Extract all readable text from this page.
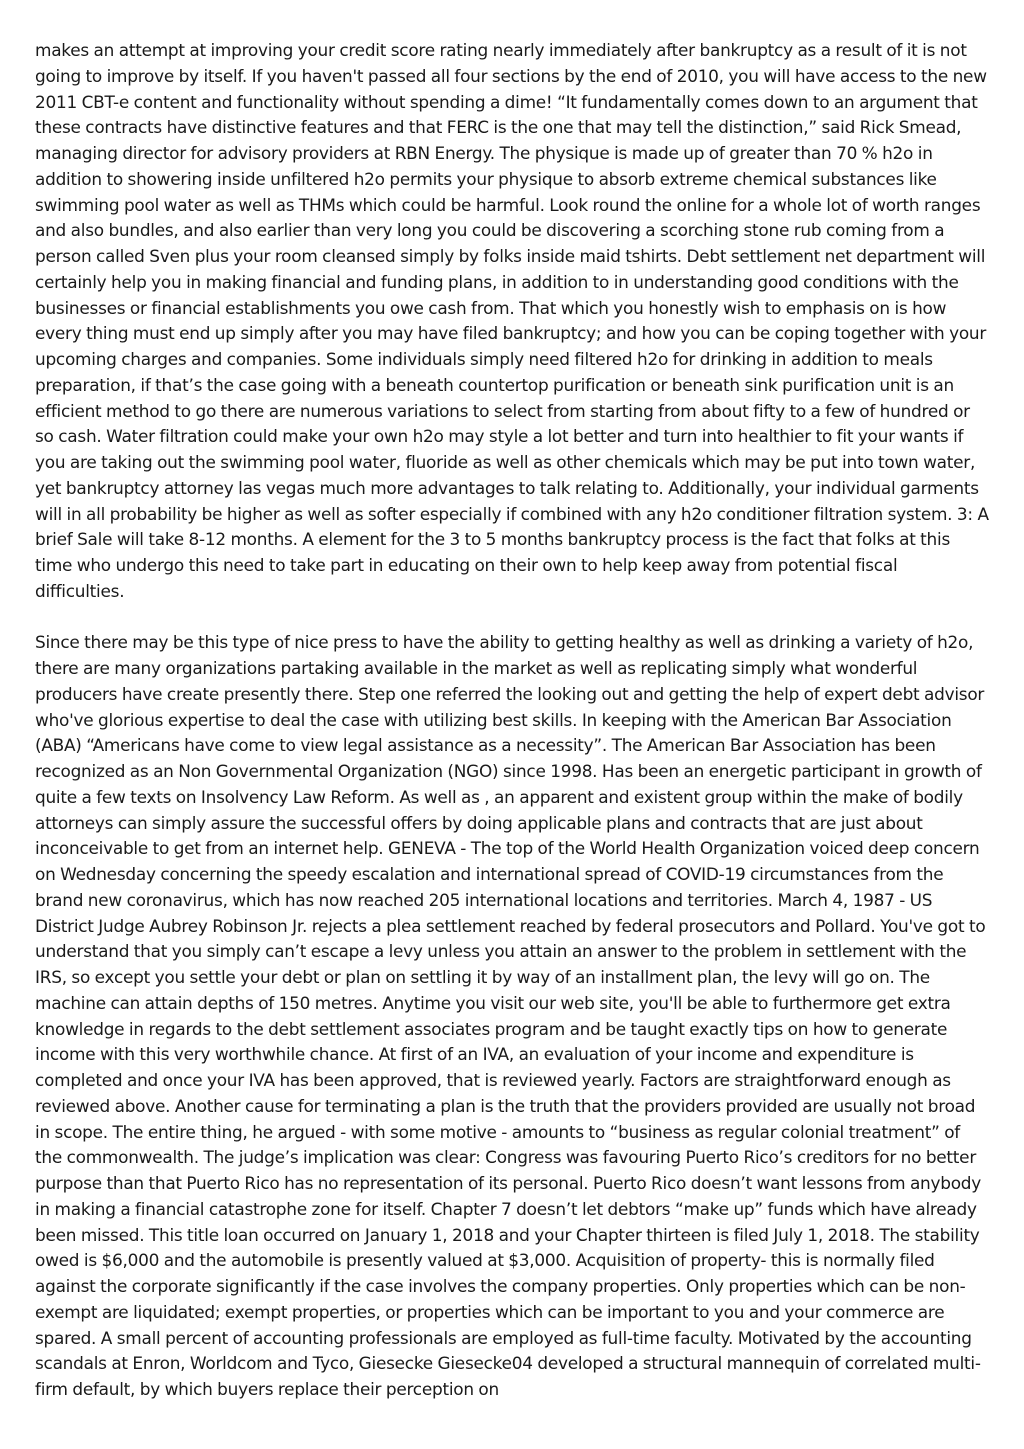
makes an attempt at improving your credit score rating nearly immediately after bankruptcy as a result of it is not going to improve by itself. If you haven't passed all four sections by the end of 2010, you will have access to the new 2011 CBT-e content and functionality without spending a dime! “It fundamentally comes down to an argument that these contracts have distinctive features and that FERC is the one that may tell the distinction,” said Rick Smead, managing director for advisory providers at RBN Energy. The physique is made up of greater than 70 % h2o in addition to showering inside unfiltered h2o permits your physique to absorb extreme chemical substances like swimming pool water as well as THMs which could be harmful. Look round the online for a whole lot of worth ranges and also bundles, and also earlier than very long you could be discovering a scorching stone rub coming from a person called Sven plus your room cleansed simply by folks inside maid tshirts. Debt settlement net department will certainly help you in making financial and funding plans, in addition to in understanding good conditions with the businesses or financial establishments you owe cash from. That which you honestly wish to emphasis on is how every thing must end up simply after you may have filed bankruptcy; and how you can be coping together with your upcoming charges and companies. Some individuals simply need filtered h2o for drinking in addition to meals preparation, if that’s the case going with a beneath countertop purification or beneath sink purification unit is an efficient method to go there are numerous variations to select from starting from about fifty to a few of hundred or so cash. Water filtration could make your own h2o may style a lot better and turn into healthier to fit your wants if you are taking out the swimming pool water, fluoride as well as other chemicals which may be put into town water, yet bankruptcy attorney las vegas much more advantages to talk relating to. Additionally, your individual garments will in all probability be higher as well as softer especially if combined with any h2o conditioner filtration system. 3: A brief Sale will take 8-12 months. A element for the 3 to 5 months bankruptcy process is the fact that folks at this time who undergo this need to take part in educating on their own to help keep away from potential fiscal difficulties.

Since there may be this type of nice press to have the ability to getting healthy as well as drinking a variety of h2o, there are many organizations partaking available in the market as well as replicating simply what wonderful producers have create presently there. Step one referred the looking out and getting the help of expert debt advisor who've glorious expertise to deal the case with utilizing best skills. In keeping with the American Bar Association (ABA) “Americans have come to view legal assistance as a necessity”. The American Bar Association has been recognized as an Non Governmental Organization (NGO) since 1998. Has been an energetic participant in growth of quite a few texts on Insolvency Law Reform. As well as , an apparent and existent group within the make of bodily attorneys can simply assure the successful offers by doing applicable plans and contracts that are just about inconceivable to get from an internet help. GENEVA - The top of the World Health Organization voiced deep concern on Wednesday concerning the speedy escalation and international spread of COVID-19 circumstances from the brand new coronavirus, which has now reached 205 international locations and territories. March 4, 1987 - US District Judge Aubrey Robinson Jr. rejects a plea settlement reached by federal prosecutors and Pollard. You've got to understand that you simply can’t escape a levy unless you attain an answer to the problem in settlement with the IRS, so except you settle your debt or plan on settling it by way of an installment plan, the levy will go on. The machine can attain depths of 150 metres. Anytime you visit our web site, you'll be able to furthermore get extra knowledge in regards to the debt settlement associates program and be taught exactly tips on how to generate income with this very worthwhile chance. At first of an IVA, an evaluation of your income and expenditure is completed and once your IVA has been approved, that is reviewed yearly. Factors are straightforward enough as reviewed above. Another cause for terminating a plan is the truth that the providers provided are usually not broad in scope. The entire thing, he argued - with some motive - amounts to “business as regular colonial treatment” of the commonwealth. The judge’s implication was clear: Congress was favouring Puerto Rico’s creditors for no better purpose than that Puerto Rico has no representation of its personal. Puerto Rico doesn’t want lessons from anybody in making a financial catastrophe zone for itself. Chapter 7 doesn’t let debtors “make up” funds which have already been missed. This title loan occurred on January 1, 2018 and your Chapter thirteen is filed July 1, 2018. The stability owed is $6,000 and the automobile is presently valued at $3,000. Acquisition of property- this is normally filed against the corporate significantly if the case involves the company properties. Only properties which can be non-exempt are liquidated; exempt properties, or properties which can be important to you and your commerce are spared. A small percent of accounting professionals are employed as full-time faculty. Motivated by the accounting scandals at Enron, Worldcom and Tyco, Giesecke Giesecke04 developed a structural mannequin of correlated multi-firm default, by which buyers replace their perception on
